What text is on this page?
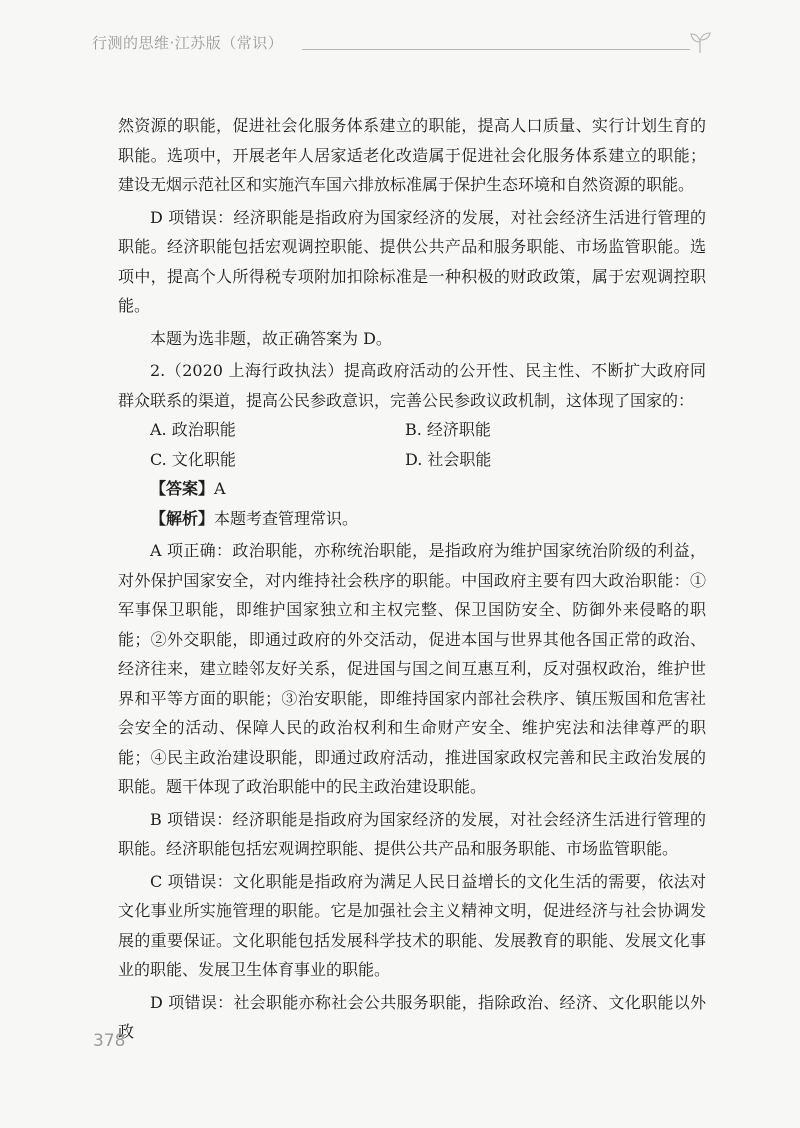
行测的思维·江苏版（常识）

然资源的职能，促进社会化服务体系建立的职能，提高人口质量、实行计划生育的职能。选项中，开展老年人居家适老化改造属于促进社会化服务体系建立的职能；建设无烟示范社区和实施汽车国六排放标准属于保护生态环境和自然资源的职能。

D 项错误：经济职能是指政府为国家经济的发展，对社会经济生活进行管理的职能。经济职能包括宏观调控职能、提供公共产品和服务职能、市场监管职能。选项中，提高个人所得税专项附加扣除标准是一种积极的财政政策，属于宏观调控职能。

本题为选非题，故正确答案为 D。

2.（2020 上海行政执法）提高政府活动的公开性、民主性、不断扩大政府同群众联系的渠道，提高公民参政意识，完善公民参政议政机制，这体现了国家的：

A. 政治职能	B. 经济职能
C. 文化职能	D. 社会职能

【答案】A

【解析】本题考查管理常识。

A 项正确：政治职能，亦称统治职能，是指政府为维护国家统治阶级的利益，对外保护国家安全，对内维持社会秩序的职能。中国政府主要有四大政治职能：①军事保卫职能，即维护国家独立和主权完整、保卫国防安全、防御外来侵略的职能；②外交职能，即通过政府的外交活动，促进本国与世界其他各国正常的政治、经济往来，建立睦邻友好关系，促进国与国之间互惠互利，反对强权政治，维护世界和平等方面的职能；③治安职能，即维持国家内部社会秩序、镇压叛国和危害社会安全的活动、保障人民的政治权利和生命财产安全、维护宪法和法律尊严的职能；④民主政治建设职能，即通过政府活动，推进国家政权完善和民主政治发展的职能。题干体现了政治职能中的民主政治建设职能。

B 项错误：经济职能是指政府为国家经济的发展，对社会经济生活进行管理的职能。经济职能包括宏观调控职能、提供公共产品和服务职能、市场监管职能。

C 项错误：文化职能是指政府为满足人民日益增长的文化生活的需要，依法对文化事业所实施管理的职能。它是加强社会主义精神文明，促进经济与社会协调发展的重要保证。文化职能包括发展科学技术的职能、发展教育的职能、发展文化事业的职能、发展卫生体育事业的职能。

D 项错误：社会职能亦称社会公共服务职能，指除政治、经济、文化职能以外政

378
